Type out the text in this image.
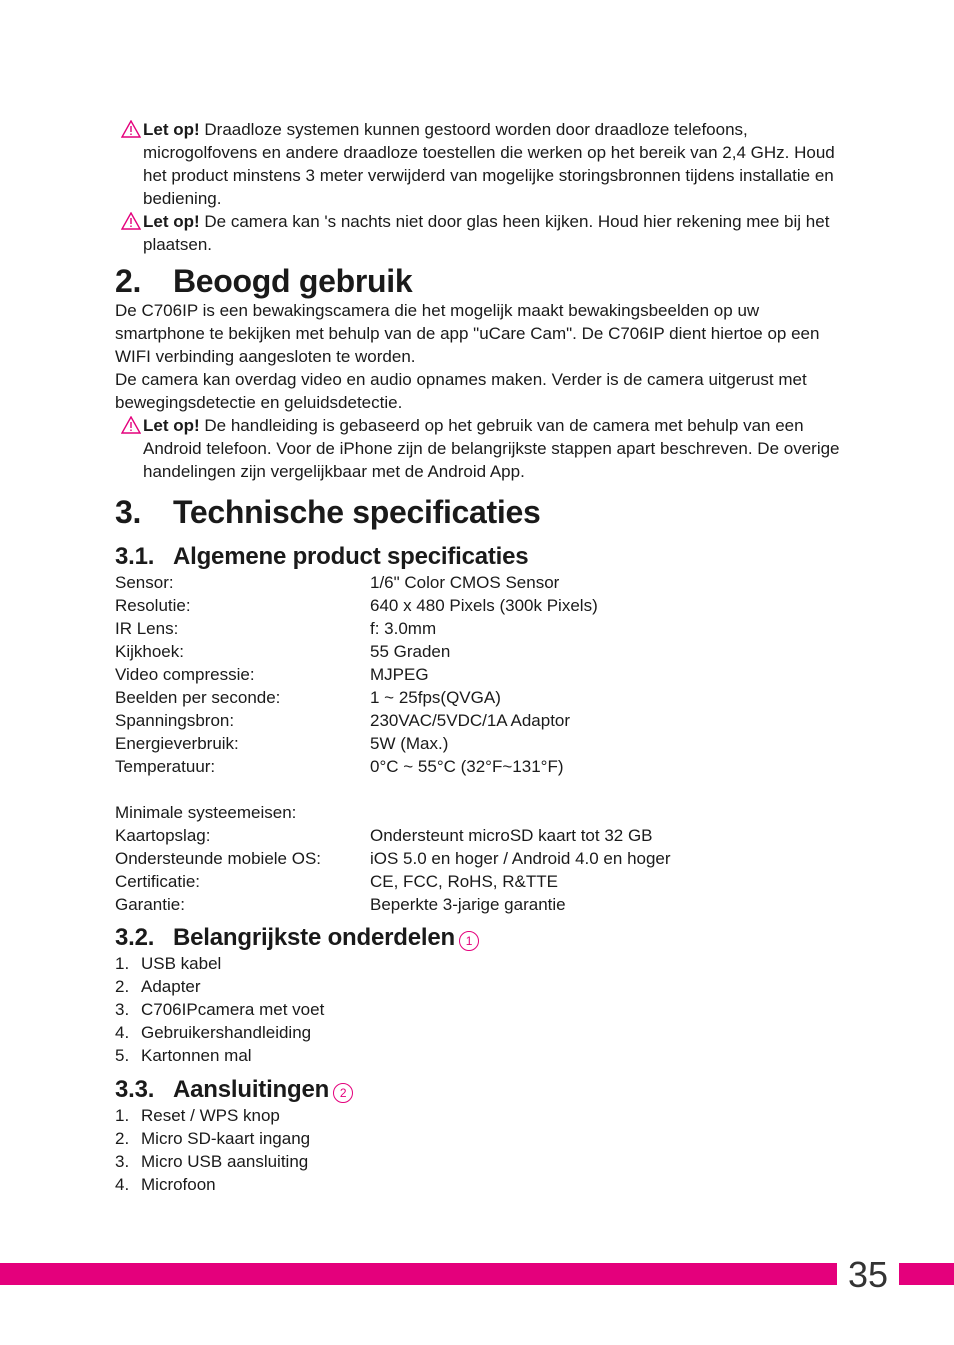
Let op! Draadloze systemen kunnen gestoord worden door draadloze telefoons, microgolfovens en andere draadloze toestellen die werken op het bereik van 2,4 GHz. Houd het product minstens 3 meter verwijderd van mogelijke storingsbronnen tijdens installatie en bediening.
Let op! De camera kan 's nachts niet door glas heen kijken. Houd hier rekening mee bij het plaatsen.
2. Beoogd gebruik

De C706IP is een bewakingscamera die het mogelijk maakt bewakingsbeelden op uw smartphone te bekijken met behulp van de app "uCare Cam". De C706IP dient hiertoe op een WIFI verbinding aangesloten te worden.

De camera kan overdag video en audio opnames maken. Verder is de camera uitgerust met bewegingsdetectie en geluidsdetectie.

Let op! De handleiding is gebaseerd op het gebruik van de camera met behulp van een Android telefoon. Voor de iPhone zijn de belangrijkste stappen apart beschreven. De overige handelingen zijn vergelijkbaar met de Android App.
3. Technische specificaties
3.1. Algemene product specificaties
Sensor:	1/6" Color CMOS Sensor
Resolutie:	640 x 480 Pixels (300k Pixels)
IR Lens:	f: 3.0mm
Kijkhoek:	55 Graden
Video compressie:	MJPEG
Beelden per seconde:	1 ~ 25fps(QVGA)
Spanningsbron:	230VAC/5VDC/1A Adaptor
Energieverbruik:	5W (Max.)
Temperatuur:	0°C ~ 55°C (32°F~131°F)
Minimale systeemeisen:
Kaartopslag:	Ondersteunt microSD kaart tot 32 GB
Ondersteunde mobiele OS:	iOS 5.0 en hoger / Android 4.0 en hoger
Certificatie:	CE, FCC, RoHS, R&TTE
Garantie:	Beperkte 3-jarige garantie
3.2. Belangrijkste onderdelen 1
1. USB kabel
2. Adapter
3. C706IPcamera met voet
4. Gebruikershandleiding
5. Kartonnen mal
3.3. Aansluitingen 2
1. Reset / WPS knop
2. Micro SD-kaart ingang
3. Micro USB aansluiting
4. Microfoon
35
